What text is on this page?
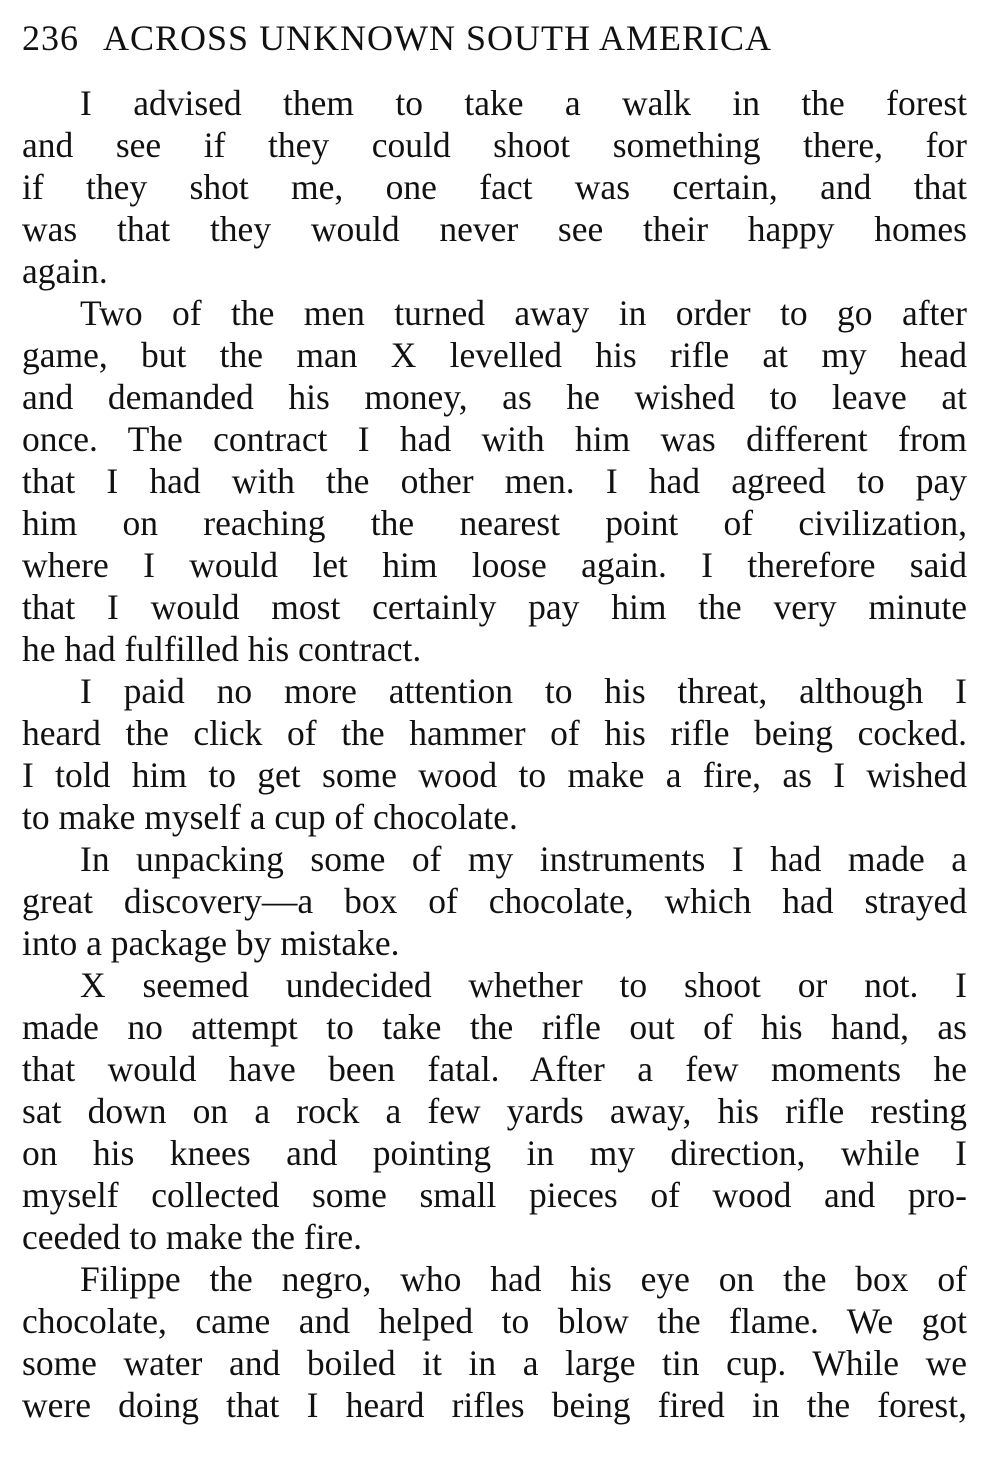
236 ACROSS UNKNOWN SOUTH AMERICA

I advised them to take a walk in the forest
and see if they could shoot something there, for
if they shot me, one fact was certain, and that
was that they would never see their happy homes
again.

Two of the men turned away in order to go after
game, but the man X levelled his rifle at my head
and demanded his money, as he wished to leave at
once. The contract I had with him was different from
that I had with the other men. I had agreed to pay
him on reaching the nearest point of civilization,
where I would let him loose again. I therefore said
that I would most certainly pay him the very minute
he had fulfilled his contract.

I paid no more attention to his threat, although I
heard the click of the hammer of his rifle being cocked.
I told him to get some wood to make a fire, as I wished
to make myself a cup of chocolate.

In unpacking some of my instruments I had made a
great discovery—a box of chocolate, which had strayed
into a package by mistake.

X seemed undecided whether to shoot or not. I
made no attempt to take the rifle out of his hand, as
that would have been fatal. After a few moments he
sat down on a rock a few yards away, his rifle resting
on his knees and pointing in my direction, while I
myself collected some small pieces of wood and pro-
ceeded to make the fire.

Filippe the negro, who had his eye on the box of
chocolate, came and helped to blow the flame. We got
some water and boiled it in a large tin cup. While we
were doing that I heard rifles being fired in the forest,
